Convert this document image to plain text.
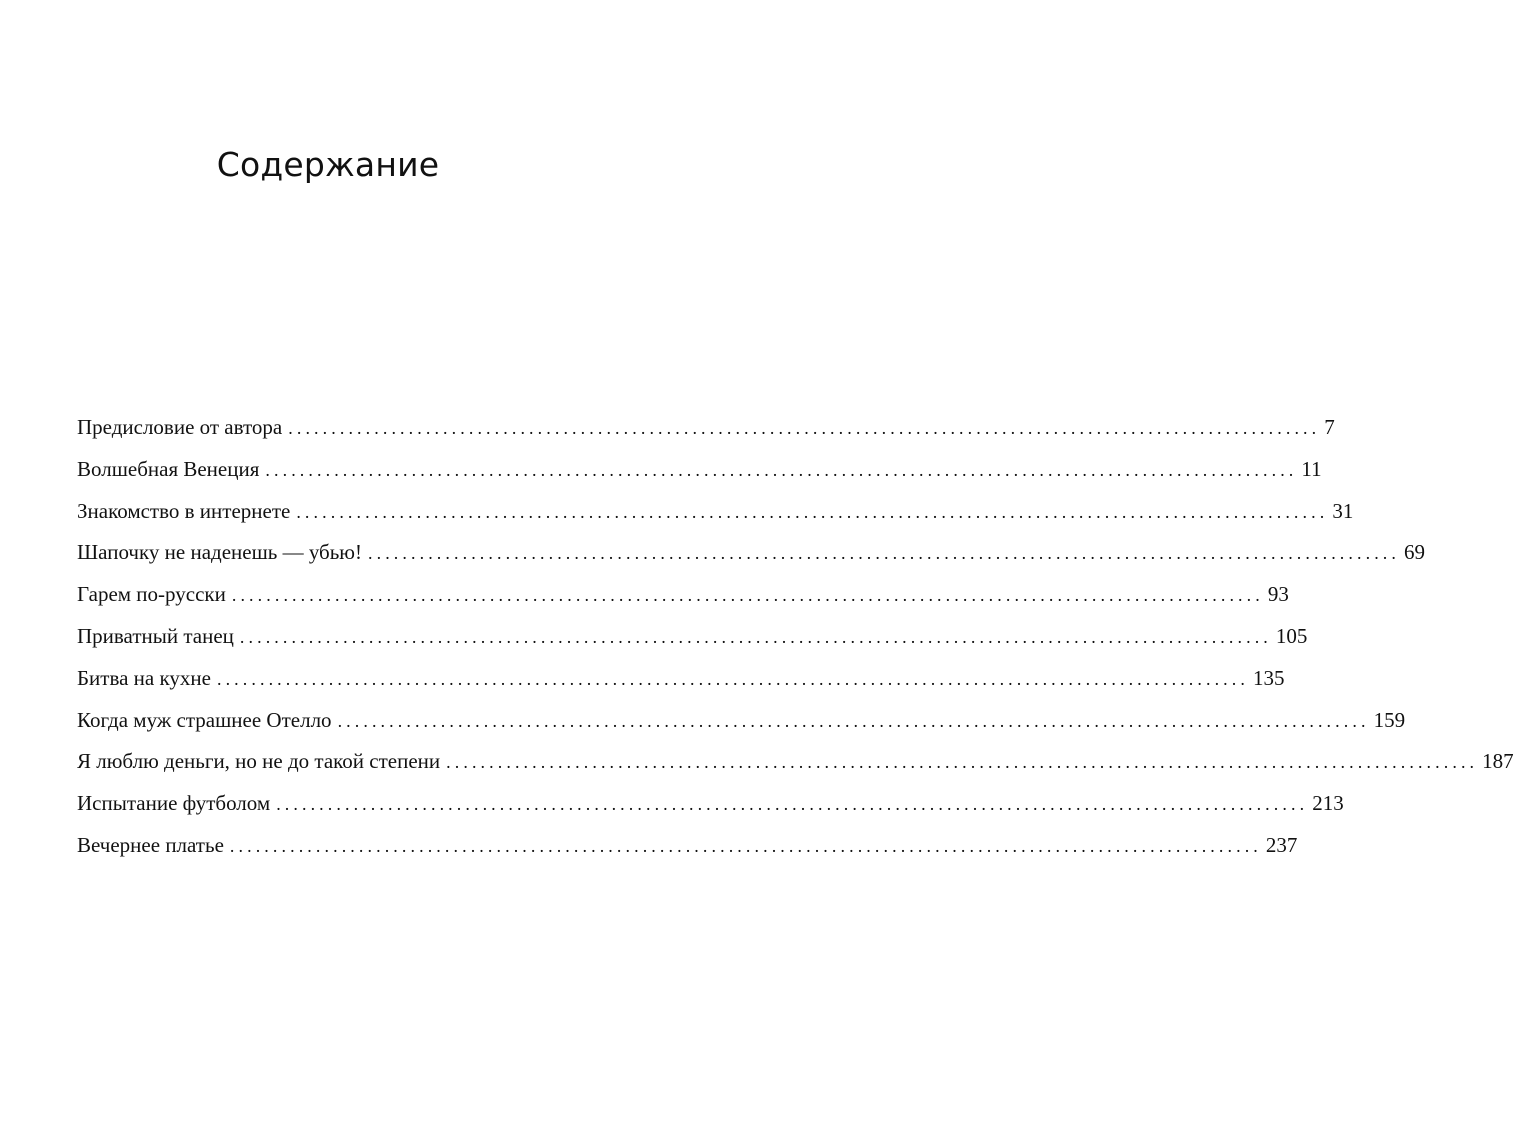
Содержание
Предисловие от автора ........................................................................................................................ 7
Волшебная Венеция ........................................................................................................................ 11
Знакомство в интернете ........................................................................................................................ 31
Шапочку не наденешь — убью! ........................................................................................................................ 69
Гарем по-русски ........................................................................................................................ 93
Приватный танец ........................................................................................................................ 105
Битва на кухне ........................................................................................................................ 135
Когда муж страшнее Отелло ........................................................................................................................ 159
Я люблю деньги, но не до такой степени ........................................................................................................................ 187
Испытание футболом ........................................................................................................................ 213
Вечернее платье ........................................................................................................................ 237
